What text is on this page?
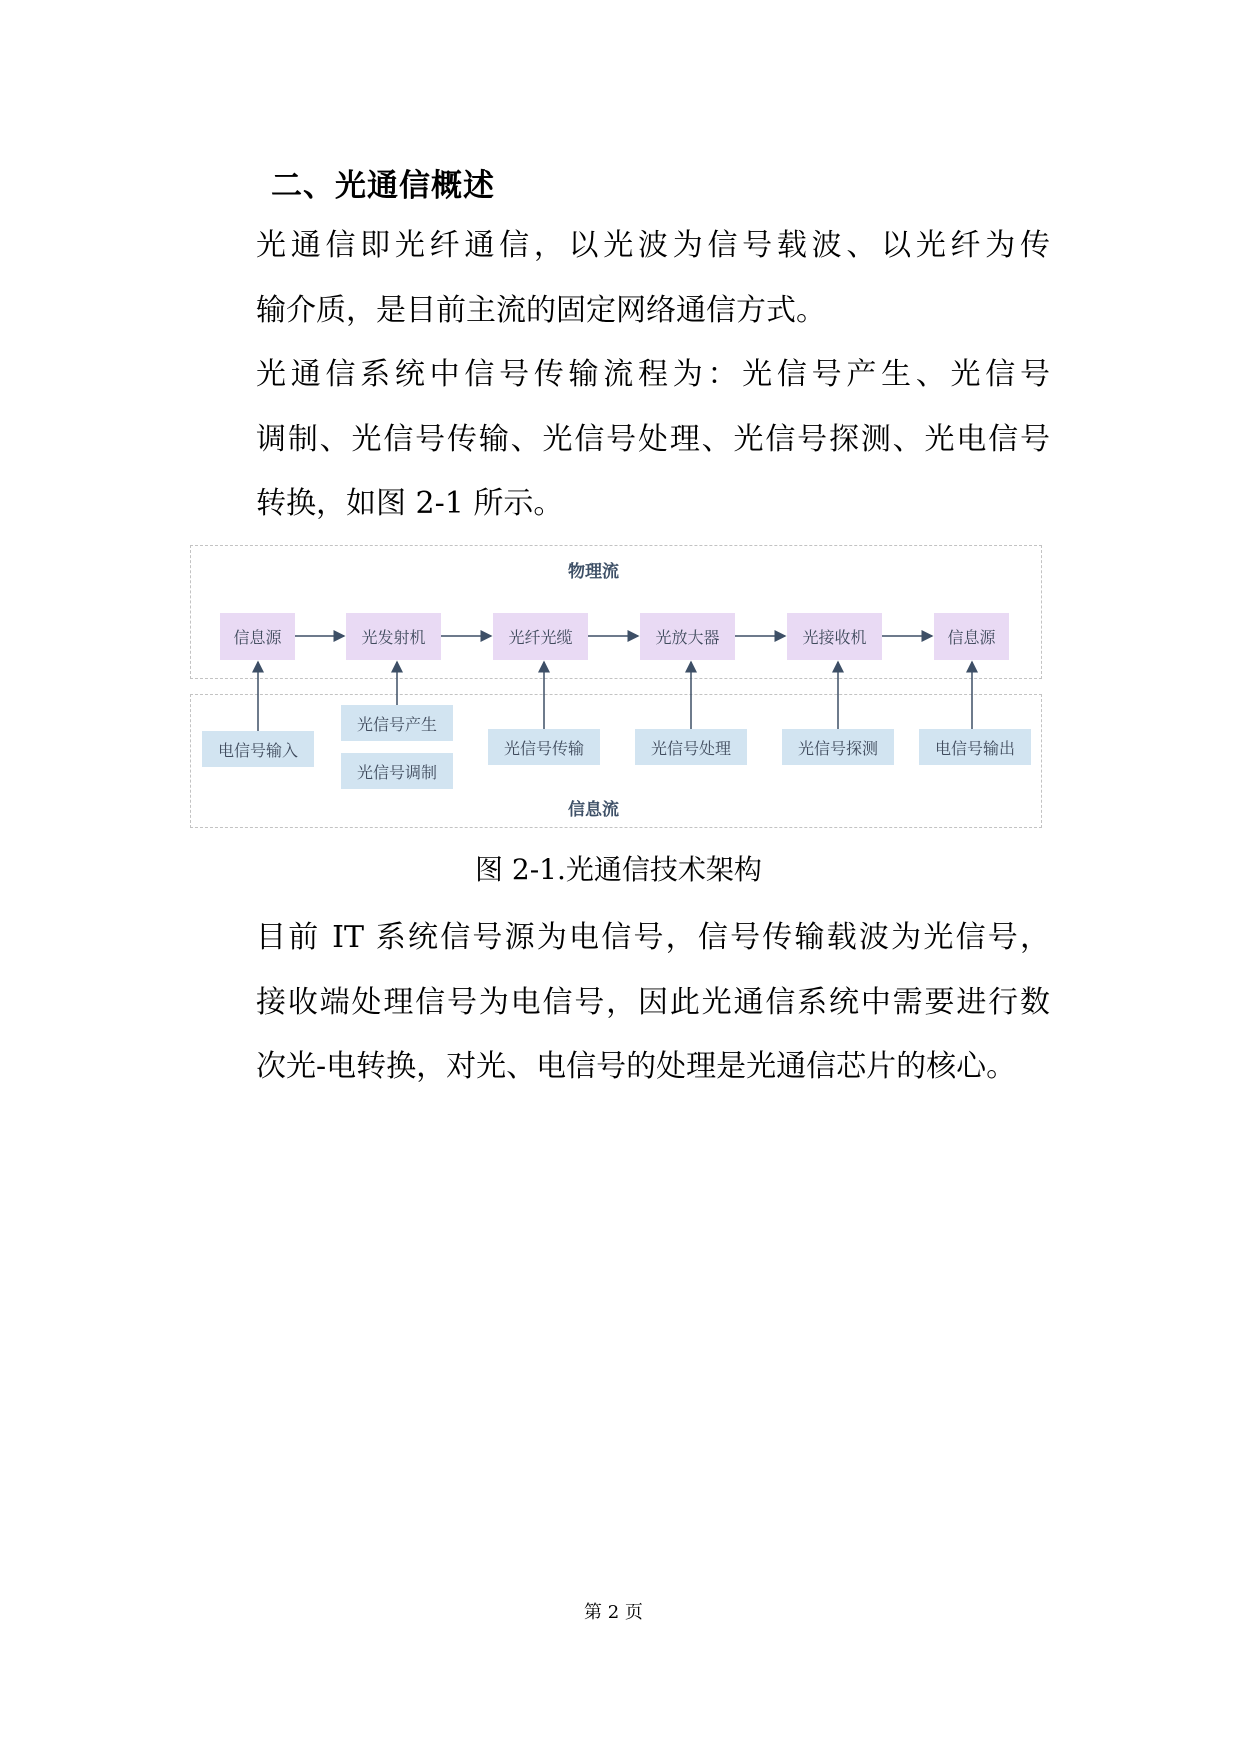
二、光通信概述

光通信即光纤通信，以光波为信号载波、以光纤为传
输介质，是目前主流的固定网络通信方式。

光通信系统中信号传输流程为：光信号产生、光信号
调制、光信号传输、光信号处理、光信号探测、光电信号
转换，如图 2-1 所示。

物理流
信息流
信息源	光发射机	光纤光缆	光放大器	光接收机	信息源
电信号输入
光信号产生
光信号调制
光信号传输	光信号处理	光信号探测	电信号输出
图 2-1.光通信技术架构

目前 IT 系统信号源为电信号，信号传输载波为光信号，
接收端处理信号为电信号，因此光通信系统中需要进行数
次光-电转换，对光、电信号的处理是光通信芯片的核心。

第 2 页
